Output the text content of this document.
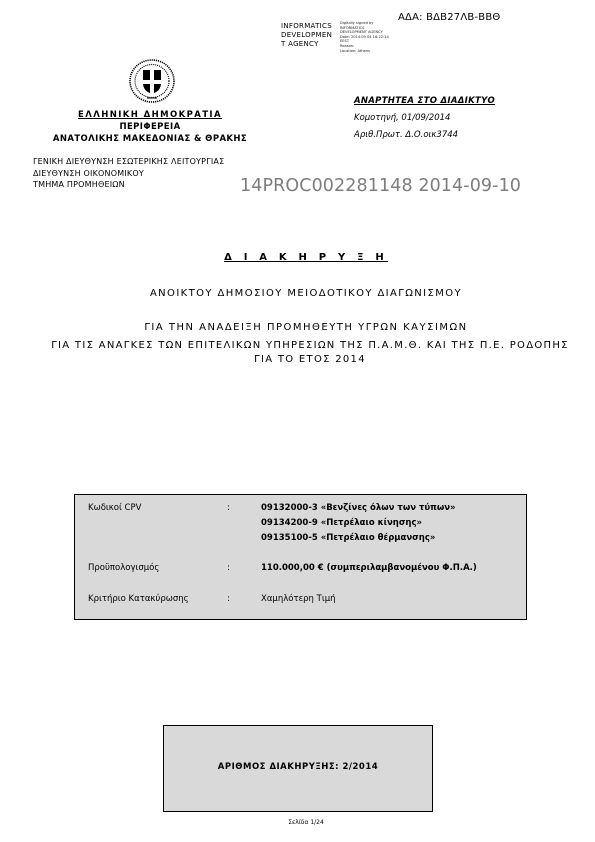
ΑΔΑ: ΒΔΒ27ΛΒ-ΒΒΘ
INFORMATICS
DEVELOPMEN
T AGENCY
Digitally signed by
INFORMATICS
DEVELOPMENT AGENCY
Date: 2014.09.04 16:22:14
EEST
Reason:
Location: Athens
ΕΛΛΗΝΙΚΗ ΔΗΜΟΚΡΑΤΙΑ
ΠΕΡΙΦΕΡΕΙΑ
ΑΝΑΤΟΛΙΚΗΣ ΜΑΚΕΔΟΝΙΑΣ & ΘΡΑΚΗΣ
ΓΕΝΙΚΗ ΔΙΕΥΘΥΝΣΗ ΕΣΩΤΕΡΙΚΗΣ ΛΕΙΤΟΥΡΓΙΑΣ
ΔΙΕΥΘΥΝΣΗ ΟΙΚΟΝΟΜΙΚΟΥ
ΤΜΗΜΑ ΠΡΟΜΗΘΕΙΩΝ
ΑΝΑΡΤΗΤΕΑ ΣΤΟ ΔΙΑΔΙΚΤΥΟ
Κομοτηνή, 01/09/2014
Αριθ.Πρωτ. Δ.Ο.οικ3744
14PROC002281148 2014-09-10
Δ Ι Α Κ Η Ρ Υ Ξ Η
ΑΝΟΙΚΤΟΥ ΔΗΜΟΣΙΟΥ ΜΕΙΟΔΟΤΙΚΟΥ ΔΙΑΓΩΝΙΣΜΟΥ
ΓΙΑ ΤΗΝ ΑΝΑΔΕΙΞΗ ΠΡΟΜΗΘΕΥΤΗ ΥΓΡΩΝ ΚΑΥΣΙΜΩΝ
ΓΙΑ ΤΙΣ ΑΝΑΓΚΕΣ ΤΩΝ ΕΠΙΤΕΛΙΚΩΝ ΥΠΗΡΕΣΙΩΝ ΤΗΣ Π.Α.Μ.Θ. ΚΑΙ ΤΗΣ Π.Ε. ΡΟΔΟΠΗΣ ΓΙΑ ΤΟ ΕΤΟΣ 2014
Κωδικοί CPV	:	09132000-3 «Βενζίνες όλων των τύπων»
09134200-9 «Πετρέλαιο κίνησης»
09135100-5 «Πετρέλαιο θέρμανσης»
Προϋπολογισμός	:	110.000,00 € (συμπεριλαμβανομένου Φ.Π.Α.)
Κριτήριο Κατακύρωσης	:	Χαμηλότερη Τιμή
ΑΡΙΘΜΟΣ ΔΙΑΚΗΡΥΞΗΣ: 2/2014
Σελίδα 1/24
